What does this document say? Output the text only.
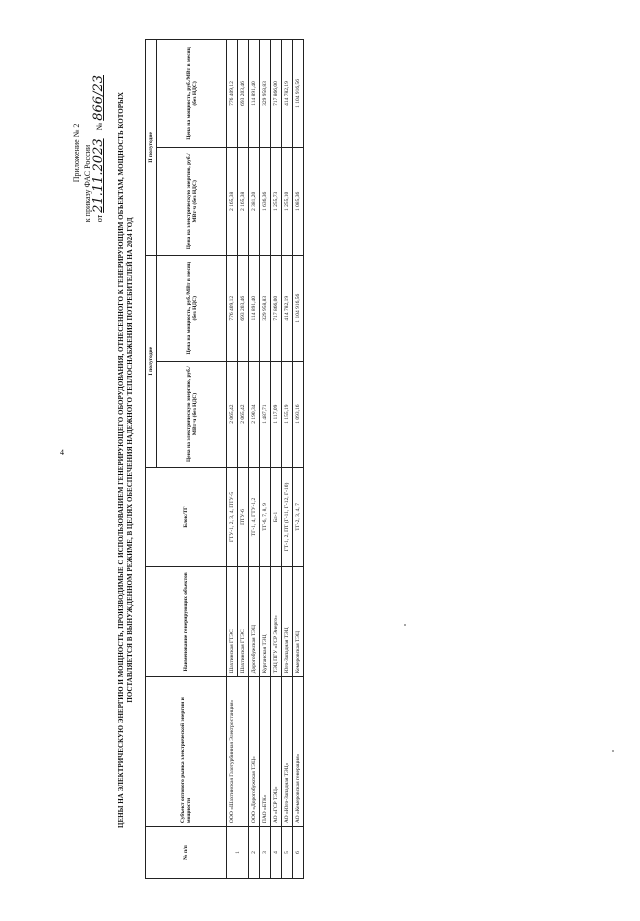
4
Приложение № 2 к приказу ФАС России от 21.11.2023    № 866/23 ЦЕНЫ НА ЭЛЕКТРИЧЕСКУЮ ЭНЕРГИЮ И МОЩНОСТЬ, ПРОИЗВОДИМЫЕ С ИСПОЛЬЗОВАНИЕМ ГЕНЕРИРУЮЩЕГО ОБОРУДОВАНИЯ, ОТНЕСЕННОГО К ГЕНЕРИРУЮЩИМ ОБЪЕКТАМ, МОЩНОСТЬ КОТОРЫХ ПОСТАВЛЯЕТСЯ В ВЫНУЖДЕННОМ РЕЖИМЕ, В ЦЕЛЯХ ОБЕСПЕЧЕНИЯ НАДЕЖНОГО ТЕПЛОСНАБЖЕНИЯ ПОТРЕБИТЕЛЕЙ НА 2024 ГОД
№ п/п	Субъект оптового рынка электрической энергии и мощности	Наименование генерирующих объектов	Блок/ТГ	I полугодие		II полугодие	
				Цена на электрическую энергию, руб./МВт·ч (без НДС)	Цена на мощность, руб./МВт в месяц (без НДС)	Цена на электрическую энергию, руб./МВт·ч (без НДС)	Цена на мощность, руб./МВт в месяц (без НДС)
1	ООО «Шахтинская Газотурбинная Электростанция»	Шахтинская ГТЭС	ГТУ-1, 2, 3, 4, ПТУ-5	2 065,42	776 409,12	2 165,38	776 409,12
		Шахтинская ГТЭС	ПТУ-6	2 065,42	693 203,46	2 165,38	693 203,46
2	ООО «Дорогобужская ТЭЦ»	Дорогобужская ТЭЦ	ТГ-1, 4, ГТУ-1,2	2 190,34	114 891,40	2 381,20	114 891,40
3	ПАО «БТК»	Курганская ТЭЦ	ТГ-6, 7, 8, 9	1 487,71	329 958,83	1 636,36	329 958,83
4	АО «ГСР ТЭЦ»	ТЭЦ ПГУ «ГСР Энерго»	Бл-1	1 117,09	717 866,00	1 255,73	717 866,00
5	АО «Юго-Западная ТЭЦ»	Юго-Западная ТЭЦ	ГТ-1, 2, ПТ (Г-11, Г-12, Г-10)	1 155,19	414 782,19	1 255,10	414 782,19
6	АО «Кемеровская генерация»	Кемеровская ТЭЦ	ТГ-2, 3, 4, 7	1 093,16	1 104 916,56	1 085,36	1 104 916,56
